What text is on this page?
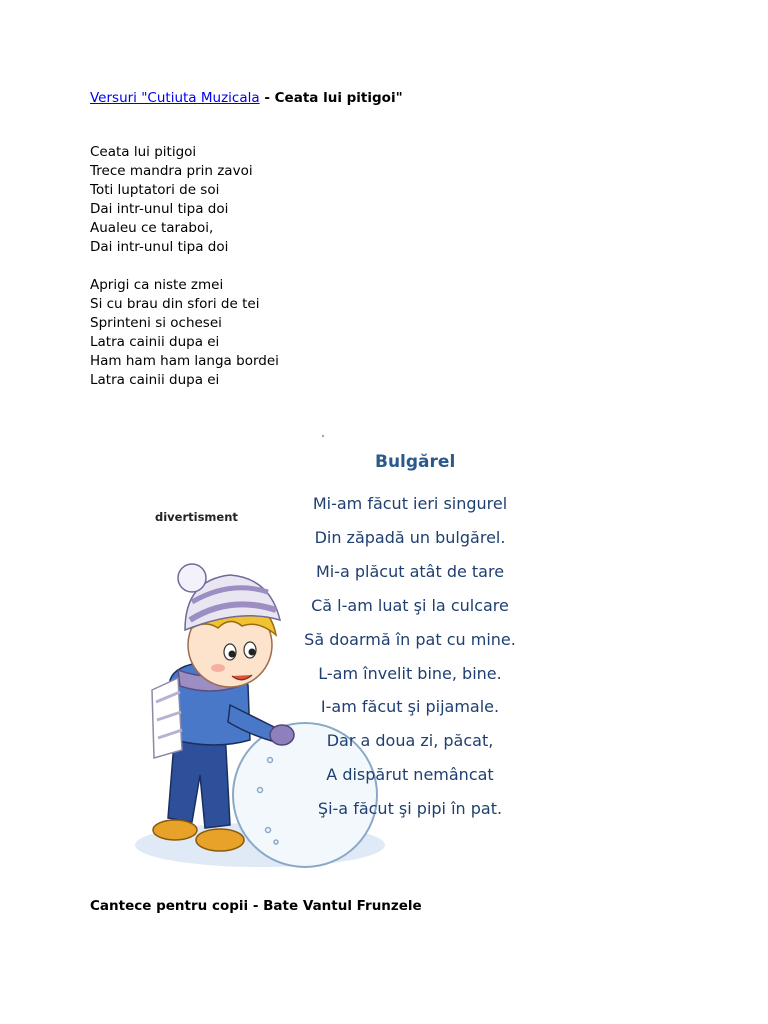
Versuri "Cutiuta Muzicala - Ceata lui pitigoi"
Ceata lui pitigoi
Trece mandra prin zavoi
Toti luptatori de soi
Dai intr-unul tipa doi
Aualeu ce taraboi,
Dai intr-unul tipa doi
Aprigi ca niste zmei
Si cu brau din sfori de tei
Sprinteni si ochesei
Latra cainii dupa ei
Ham ham ham langa bordei
Latra cainii dupa ei
divertisment
Bulgărel
Mi-am făcut ieri singurel
Din zăpadă un bulgărel.
Mi-a plăcut atât de tare
Că l-am luat şi la culcare
Să doarmă în pat cu mine.
L-am învelit bine, bine.
I-am făcut şi pijamale.
Dar a doua zi, păcat,
A dispărut nemâncat
Şi-a făcut şi pipi în pat.
Cantece pentru copii - Bate Vantul Frunzele
